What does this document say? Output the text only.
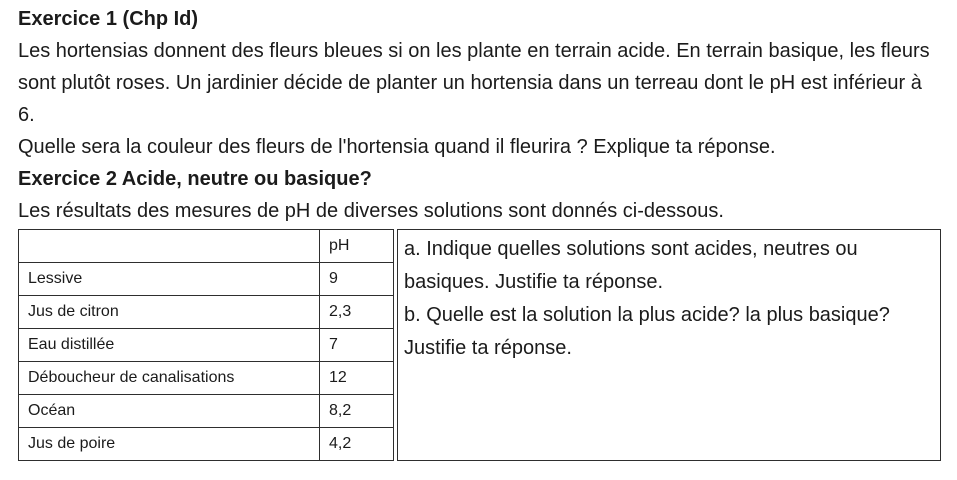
Exercice 1 (Chp Id)

Les hortensias donnent des fleurs bleues si on les plante en terrain acide. En terrain basique, les fleurs sont plutôt roses. Un jardinier décide de planter un hortensia dans un terreau dont le pH est inférieur à 6.

Quelle sera la couleur des fleurs de l'hortensia quand il fleurira ? Explique ta réponse.

Exercice 2 Acide, neutre ou basique?

Les résultats des mesures de pH de diverses solutions sont donnés ci-dessous.

	pH
Lessive	9
Jus de citron	2,3
Eau distillée	7
Déboucheur de canalisations	12
Océan	8,2
Jus de poire	4,2

a. Indique quelles solutions sont acides, neutres ou basiques. Justifie ta réponse.

b. Quelle est la solution la plus acide? la plus basique? Justifie ta réponse.
